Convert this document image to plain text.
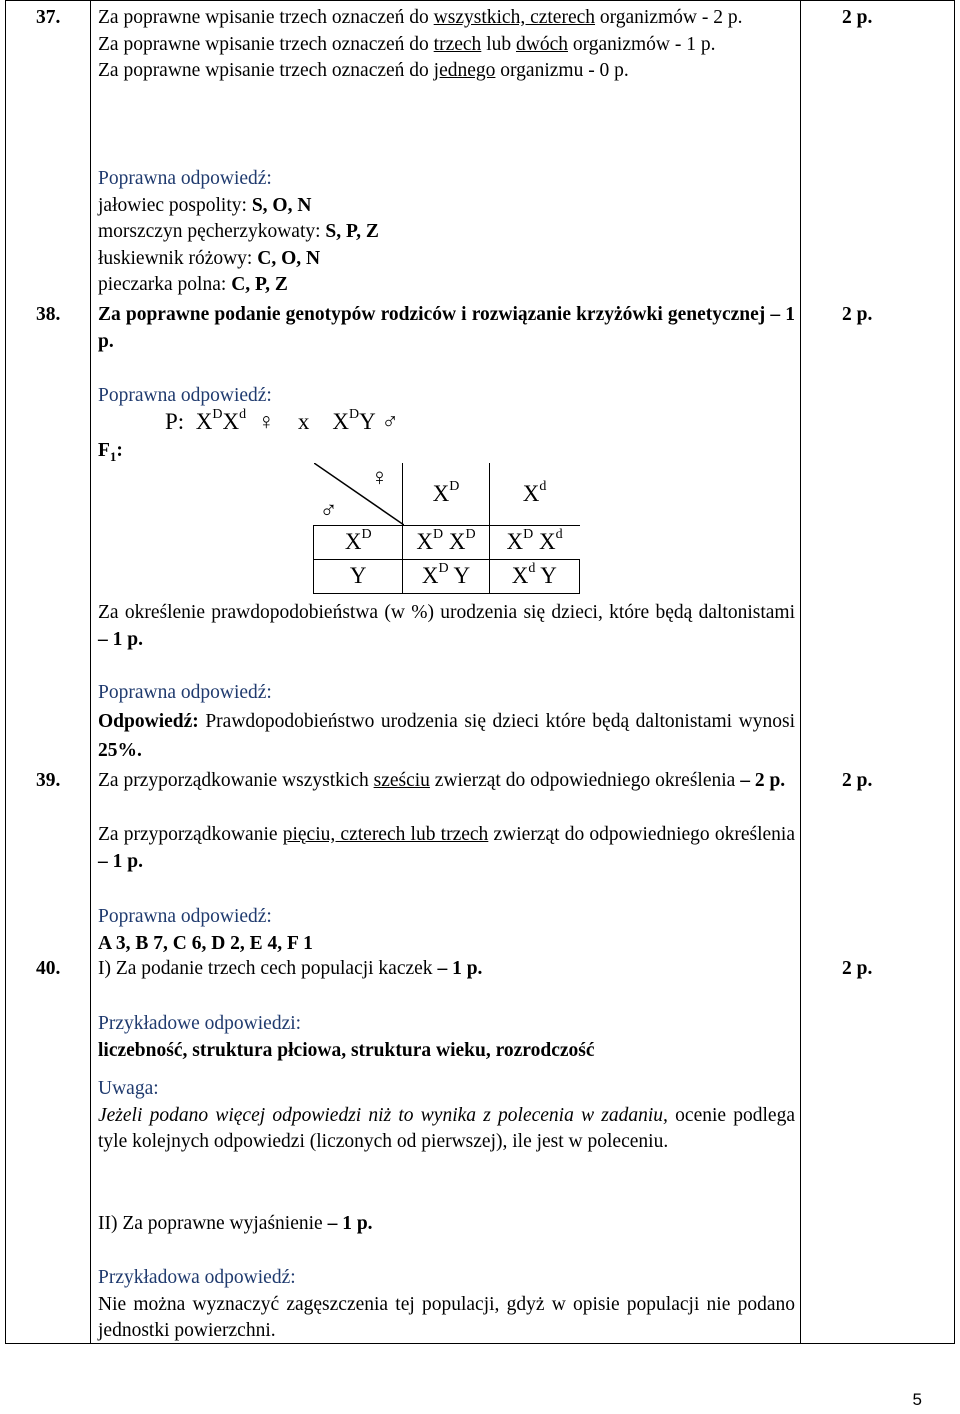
37.	2 p.
Za poprawne wpisanie trzech oznaczeń do wszystkich, czterech organizmów - 2 p.
Za poprawne wpisanie trzech oznaczeń do trzech lub dwóch organizmów - 1 p.
Za poprawne wpisanie trzech oznaczeń do jednego organizmu - 0 p.
Poprawna odpowiedź:
jałowiec pospolity: S, O, N
morszczyn pęcherzykowaty: S, P, Z
łuskiewnik różowy: C, O, N
pieczarka polna: C, P, Z
38.	2 p.
Za poprawne podanie genotypów rodziców i rozwiązanie krzyżówki genetycznej – 1 p.
Poprawna odpowiedź:
P: $X^DX^d$ ♀ x $X^DY$ ♂
$F_1$:
♀
♂	$X^D$	$X^d$
$X^D$	$X^D$ $X^D$	$X^D$ $X^d$
Y	$X^D$ Y	$X^d$ Y
Za określenie prawdopodobieństwa (w %) urodzenia się dzieci, które będą daltonistami – 1 p.
Poprawna odpowiedź:
Odpowiedź: Prawdopodobieństwo urodzenia się dzieci które będą daltonistami wynosi 25%.
39.	2 p.
Za przyporządkowanie wszystkich sześciu zwierząt do odpowiedniego określenia – 2 p.
Za przyporządkowanie pięciu, czterech lub trzech zwierząt do odpowiedniego określenia – 1 p.
Poprawna odpowiedź:
A 3, B 7, C 6, D 2, E 4, F 1
40.	2 p.
I) Za podanie trzech cech populacji kaczek – 1 p.
Przykładowe odpowiedzi:
liczebność, struktura płciowa, struktura wieku, rozrodczość
Uwaga:
Jeżeli podano więcej odpowiedzi niż to wynika z polecenia w zadaniu, ocenie podlega tyle kolejnych odpowiedzi (liczonych od pierwszej), ile jest w poleceniu.
II) Za poprawne wyjaśnienie – 1 p.
Przykładowa odpowiedź:
Nie można wyznaczyć zagęszczenia tej populacji, gdyż w opisie populacji nie podano jednostki powierzchni.
5
